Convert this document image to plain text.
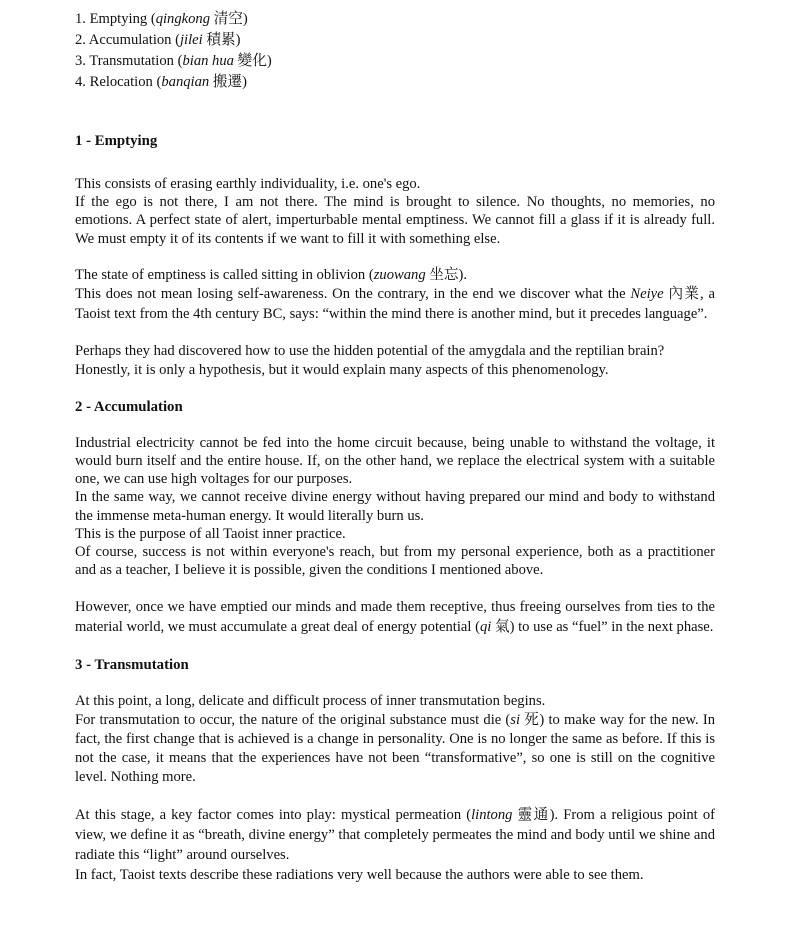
1. Emptying (qingkong 清空)
2. Accumulation (jilei 積累)
3. Transmutation (bian hua 變化)
4. Relocation (banqian 搬遷)
1 - Emptying

This consists of erasing earthly individuality, i.e. one's ego.
If the ego is not there, I am not there. The mind is brought to silence. No thoughts, no memories, no emotions. A perfect state of alert, imperturbable mental emptiness. We cannot fill a glass if it is already full. We must empty it of its contents if we want to fill it with something else.

The state of emptiness is called sitting in oblivion (zuowang 坐忘).
This does not mean losing self-awareness. On the contrary, in the end we discover what the Neiye 內業, a Taoist text from the 4th century BC, says: “within the mind there is another mind, but it precedes language”.

Perhaps they had discovered how to use the hidden potential of the amygdala and the reptilian brain?
Honestly, it is only a hypothesis, but it would explain many aspects of this phenomenology.

2 - Accumulation

Industrial electricity cannot be fed into the home circuit because, being unable to withstand the voltage, it would burn itself and the entire house. If, on the other hand, we replace the electrical system with a suitable one, we can use high voltages for our purposes.
In the same way, we cannot receive divine energy without having prepared our mind and body to withstand the immense meta-human energy. It would literally burn us.
This is the purpose of all Taoist inner practice.
Of course, success is not within everyone's reach, but from my personal experience, both as a practitioner and as a teacher, I believe it is possible, given the conditions I mentioned above.

However, once we have emptied our minds and made them receptive, thus freeing ourselves from ties to the material world, we must accumulate a great deal of energy potential (qi 氣) to use as “fuel” in the next phase.

3 - Transmutation

At this point, a long, delicate and difficult process of inner transmutation begins.
For transmutation to occur, the nature of the original substance must die (si 死) to make way for the new. In fact, the first change that is achieved is a change in personality. One is no longer the same as before. If this is not the case, it means that the experiences have not been “transformative”, so one is still on the cognitive level. Nothing more.

At this stage, a key factor comes into play: mystical permeation (lintong 靈通). From a religious point of view, we define it as “breath, divine energy” that completely permeates the mind and body until we shine and radiate this “light” around ourselves.
In fact, Taoist texts describe these radiations very well because the authors were able to see them.
